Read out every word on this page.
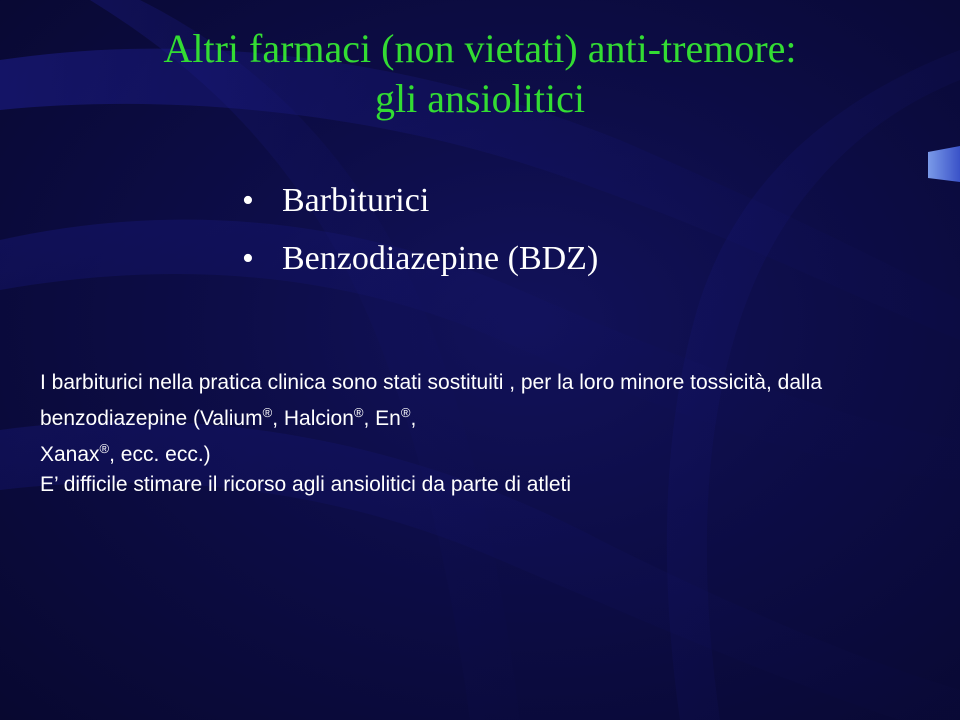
Altri farmaci (non vietati) anti-tremore:
gli ansiolitici
• Barbiturici
• Benzodiazepine (BDZ)
I barbiturici nella pratica clinica sono stati sostituiti , per la loro minore tossicità, dalla benzodiazepine (Valium®, Halcion®, En®,
Xanax®, ecc. ecc.)
E’ difficile stimare il ricorso agli ansiolitici da parte di atleti
